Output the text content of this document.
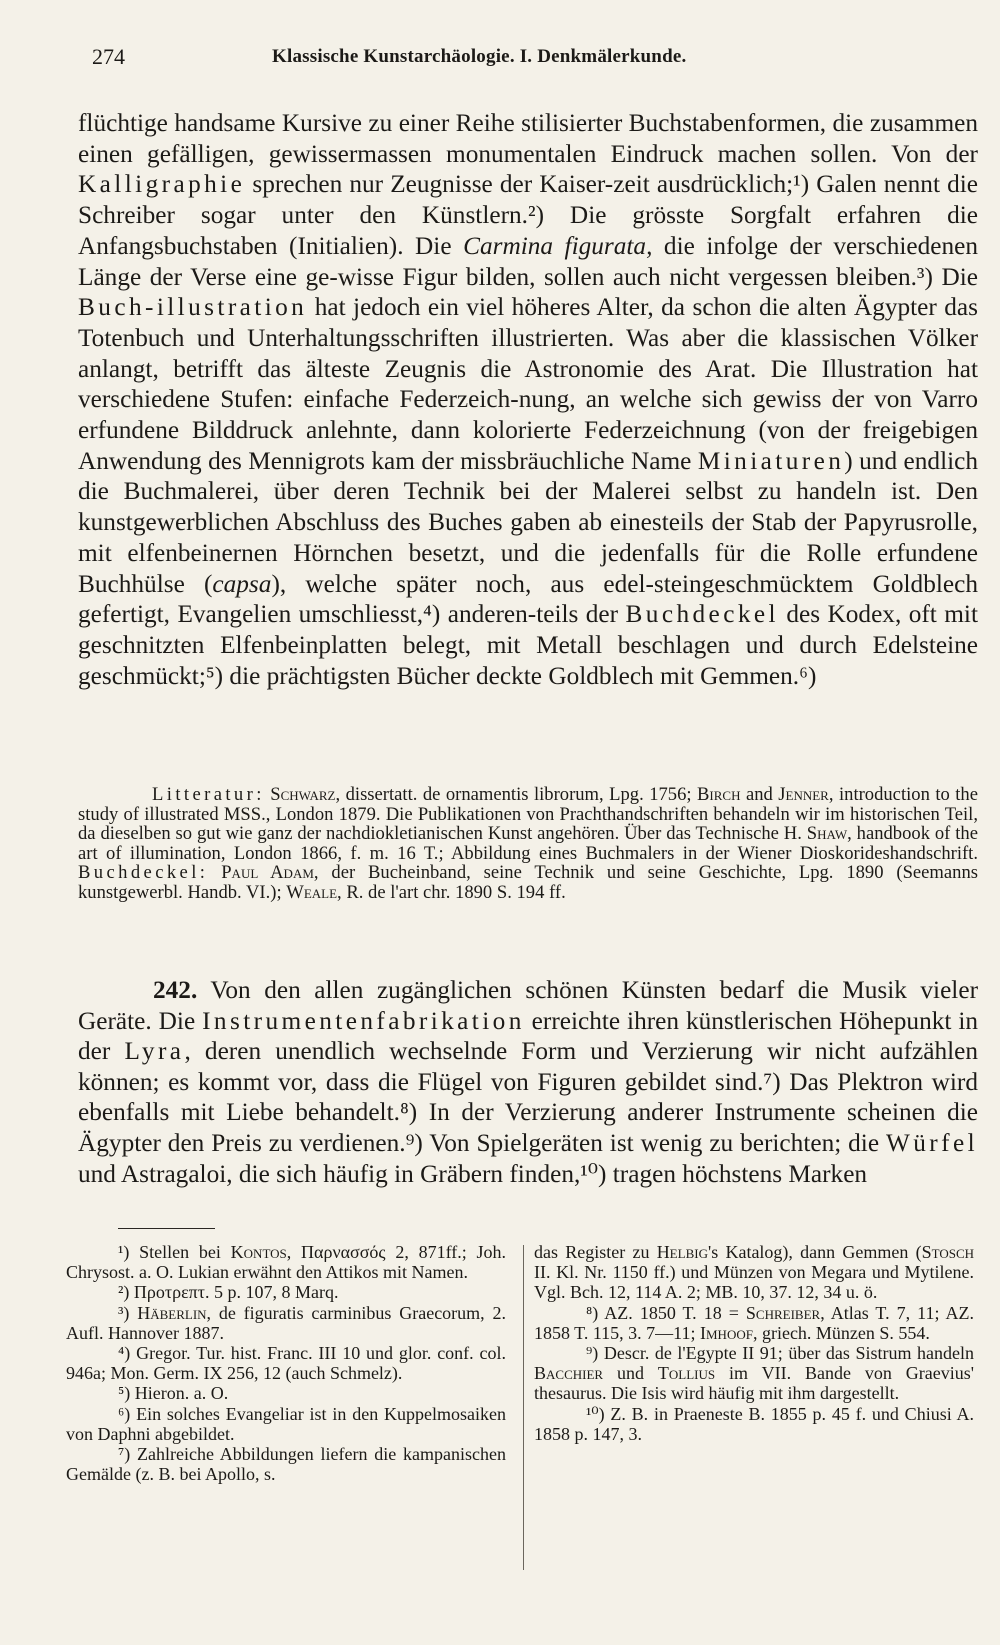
274	Klassische Kunstarchäologie. I. Denkmälerkunde.

flüchtige handsame Kursive zu einer Reihe stilisierter Buchstabenformen, die zusammen einen gefälligen, gewissermassen monumentalen Eindruck machen sollen. Von der Kalligraphie sprechen nur Zeugnisse der Kaiser-zeit ausdrücklich;¹) Galen nennt die Schreiber sogar unter den Künstlern.²) Die grösste Sorgfalt erfahren die Anfangsbuchstaben (Initialien). Die Carmina figurata, die infolge der verschiedenen Länge der Verse eine ge-wisse Figur bilden, sollen auch nicht vergessen bleiben.³) Die Buch-illustration hat jedoch ein viel höheres Alter, da schon die alten Ägypter das Totenbuch und Unterhaltungsschriften illustrierten. Was aber die klassischen Völker anlangt, betrifft das älteste Zeugnis die Astronomie des Arat. Die Illustration hat verschiedene Stufen: einfache Federzeich-nung, an welche sich gewiss der von Varro erfundene Bilddruck anlehnte, dann kolorierte Federzeichnung (von der freigebigen Anwendung des Mennigrots kam der missbräuchliche Name Miniaturen) und endlich die Buchmalerei, über deren Technik bei der Malerei selbst zu handeln ist. Den kunstgewerblichen Abschluss des Buches gaben ab einesteils der Stab der Papyrusrolle, mit elfenbeinernen Hörnchen besetzt, und die jedenfalls für die Rolle erfundene Buchhülse (capsa), welche später noch, aus edel-steingeschmücktem Goldblech gefertigt, Evangelien umschliesst,⁴) anderen-teils der Buchdeckel des Kodex, oft mit geschnitzten Elfenbeinplatten belegt, mit Metall beschlagen und durch Edelsteine geschmückt;⁵) die prächtigsten Bücher deckte Goldblech mit Gemmen.⁶)

Litteratur: Schwarz, dissertatt. de ornamentis librorum, Lpg. 1756; Birch and Jenner, introduction to the study of illustrated MSS., London 1879. Die Publikationen von Prachthandschriften behandeln wir im historischen Teil, da dieselben so gut wie ganz der nachdiokletianischen Kunst angehören. Über das Technische H. Shaw, handbook of the art of illumination, London 1866, f. m. 16 T.; Abbildung eines Buchmalers in der Wiener Dioskorideshandschrift. Buchdeckel: Paul Adam, der Bucheinband, seine Technik und seine Geschichte, Lpg. 1890 (Seemanns kunstgewerbl. Handb. VI.); Weale, R. de l'art chr. 1890 S. 194 ff.

242. Von den allen zugänglichen schönen Künsten bedarf die Musik vieler Geräte. Die Instrumentenfabrikation erreichte ihren künstlerischen Höhepunkt in der Lyra, deren unendlich wechselnde Form und Verzierung wir nicht aufzählen können; es kommt vor, dass die Flügel von Figuren gebildet sind.⁷) Das Plektron wird ebenfalls mit Liebe behandelt.⁸) In der Verzierung anderer Instrumente scheinen die Ägypter den Preis zu verdienen.⁹) Von Spielgeräten ist wenig zu berichten; die Würfel und Astragaloi, die sich häufig in Gräbern finden,¹⁰) tragen höchstens Marken

¹) Stellen bei Kontos, Παρνασσός 2, 871ff.; Joh. Chrysost. a. O. Lukian erwähnt den Attikos mit Namen.

²) Προτρεπτ. 5 p. 107, 8 Marq.

³) Häberlin, de figuratis carminibus Graecorum, 2. Aufl. Hannover 1887.

⁴) Gregor. Tur. hist. Franc. III 10 und glor. conf. col. 946a; Mon. Germ. IX 256, 12 (auch Schmelz).

⁵) Hieron. a. O.

⁶) Ein solches Evangeliar ist in den Kuppelmosaiken von Daphni abgebildet.

⁷) Zahlreiche Abbildungen liefern die kampanischen Gemälde (z. B. bei Apollo, s.

das Register zu Helbig's Katalog), dann Gemmen (Stosch II. Kl. Nr. 1150 ff.) und Münzen von Megara und Mytilene. Vgl. Bch. 12, 114 A. 2; MB. 10, 37. 12, 34 u. ö.

⁸) AZ. 1850 T. 18 = Schreiber, Atlas T. 7, 11; AZ. 1858 T. 115, 3. 7—11; Imhoof, griech. Münzen S. 554.

⁹) Descr. de l'Egypte II 91; über das Sistrum handeln Bacchier und Tollius im VII. Bande von Graevius' thesaurus. Die Isis wird häufig mit ihm dargestellt.

¹⁰) Z. B. in Praeneste B. 1855 p. 45 f. und Chiusi A. 1858 p. 147, 3.
